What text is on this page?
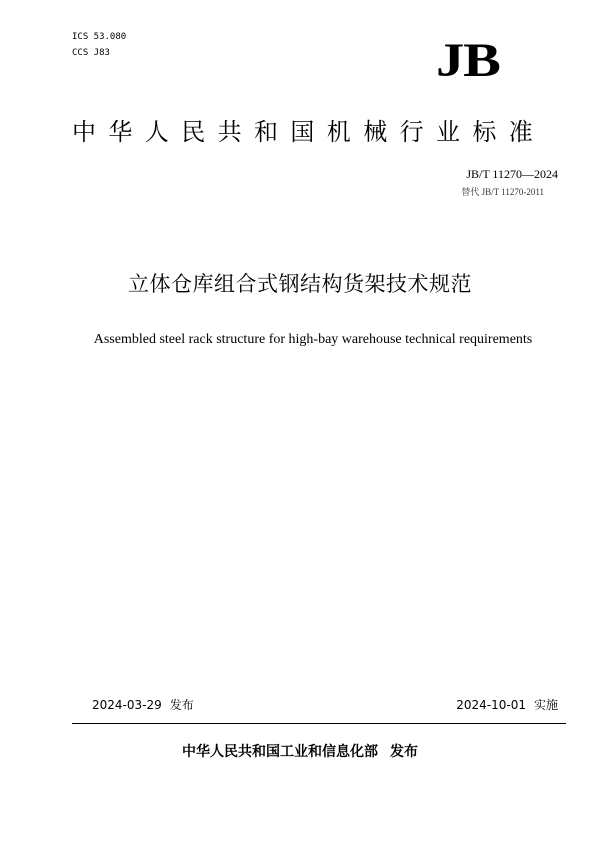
ICS 53.080
CCS J83	JB
中华人民共和国机械行业标准
JB/T 11270—2024
替代 JB/T 11270-2011
立体仓库组合式钢结构货架技术规范
Assembled steel rack structure for high-bay warehouse technical requirements
2024-03-29 发布	2024-10-01 实施
中华人民共和国工业和信息化部 发布
